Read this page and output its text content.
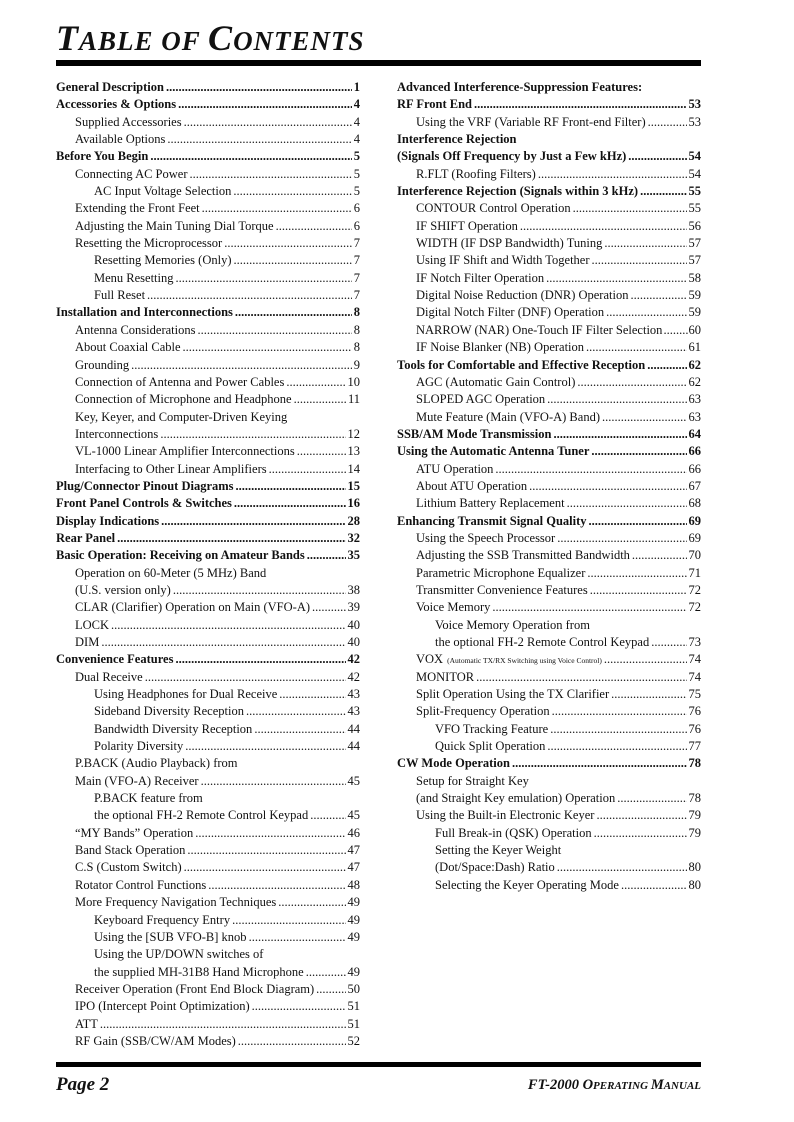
TABLE OF CONTENTS
General Description .....	1
Accessories & Options .....	4
Supplied Accessories .....	4
Available Options .....	4
Before You Begin .....	5
Connecting AC Power .....	5
AC Input Voltage Selection .....	5
Extending the Front Feet .....	6
Adjusting the Main Tuning Dial Torque .....	6
Resetting the Microprocessor .....	7
Resetting Memories (Only) .....	7
Menu Resetting .....	7
Full Reset .....	7
Installation and Interconnections .....	8
Antenna Considerations .....	8
About Coaxial Cable .....	8
Grounding .....	9
Connection of Antenna and Power Cables .....	10
Connection of Microphone and Headphone .....	11
Key, Keyer, and Computer-Driven Keying
Interconnections .....	12
VL-1000 Linear Amplifier Interconnections .....	13
Interfacing to Other Linear Amplifiers .....	14
Plug/Connector Pinout Diagrams .....	15
Front Panel Controls & Switches .....	16
Display Indications .....	28
Rear Panel .....	32
Basic Operation: Receiving on Amateur Bands .....	35
Operation on 60-Meter (5 MHz) Band
(U.S. version only) .....	38
CLAR (Clarifier) Operation on Main (VFO-A) .....	39
LOCK .....	40
DIM .....	40
Convenience Features .....	42
Dual Receive .....	42
Using Headphones for Dual Receive .....	43
Sideband Diversity Reception .....	43
Bandwidth Diversity Reception .....	44
Polarity Diversity .....	44
P.BACK (Audio Playback) from
Main (VFO-A) Receiver .....	45
P.BACK feature from
the optional FH-2 Remote Control Keypad .....	45
“MY Bands” Operation .....	46
Band Stack Operation .....	47
C.S (Custom Switch) .....	47
Rotator Control Functions .....	48
More Frequency Navigation Techniques .....	49
Keyboard Frequency Entry .....	49
Using the [SUB VFO-B] knob .....	49
Using the UP/DOWN switches of
the supplied MH-31B8 Hand Microphone .....	49
Receiver Operation (Front End Block Diagram) .....	50
IPO (Intercept Point Optimization) .....	51
ATT .....	51
RF Gain (SSB/CW/AM Modes) .....	52
Advanced Interference-Suppression Features:
RF Front End .....	53
Using the VRF (Variable RF Front-end Filter) .....	53
Interference Rejection
(Signals Off Frequency by Just a Few kHz) .....	54
R.FLT (Roofing Filters) .....	54
Interference Rejection (Signals within 3 kHz) .....	55
CONTOUR Control Operation .....	55
IF SHIFT Operation .....	56
WIDTH (IF DSP Bandwidth) Tuning .....	57
Using IF Shift and Width Together .....	57
IF Notch Filter Operation .....	58
Digital Noise Reduction (DNR) Operation .....	59
Digital Notch Filter (DNF) Operation .....	59
NARROW (NAR) One-Touch IF Filter Selection ..... 60
IF Noise Blanker (NB) Operation .....	61
Tools for Comfortable and Effective Reception .....	62
AGC (Automatic Gain Control) .....	62
SLOPED AGC Operation .....	63
Mute Feature (Main (VFO-A) Band) .....	63
SSB/AM Mode Transmission .....	64
Using the Automatic Antenna Tuner .....	66
ATU Operation .....	66
About ATU Operation .....	67
Lithium Battery Replacement .....	68
Enhancing Transmit Signal Quality .....	69
Using the Speech Processor .....	69
Adjusting the SSB Transmitted Bandwidth .....	70
Parametric Microphone Equalizer .....	71
Transmitter Convenience Features .....	72
Voice Memory .....	72
Voice Memory Operation from
the optional FH-2 Remote Control Keypad .....	73
VOX (Automatic TX/RX Switching using Voice Control) .....	74
MONITOR .....	74
Split Operation Using the TX Clarifier .....	75
Split-Frequency Operation .....	76
VFO Tracking Feature .....	76
Quick Split Operation .....	77
CW Mode Operation .....	78
Setup for Straight Key
(and Straight Key emulation) Operation .....	78
Using the Built-in Electronic Keyer .....	79
Full Break-in (QSK) Operation .....	79
Setting the Keyer Weight
(Dot/Space:Dash) Ratio .....	80
Selecting the Keyer Operating Mode .....	80
Page 2	FT-2000 OPERATING MANUAL
